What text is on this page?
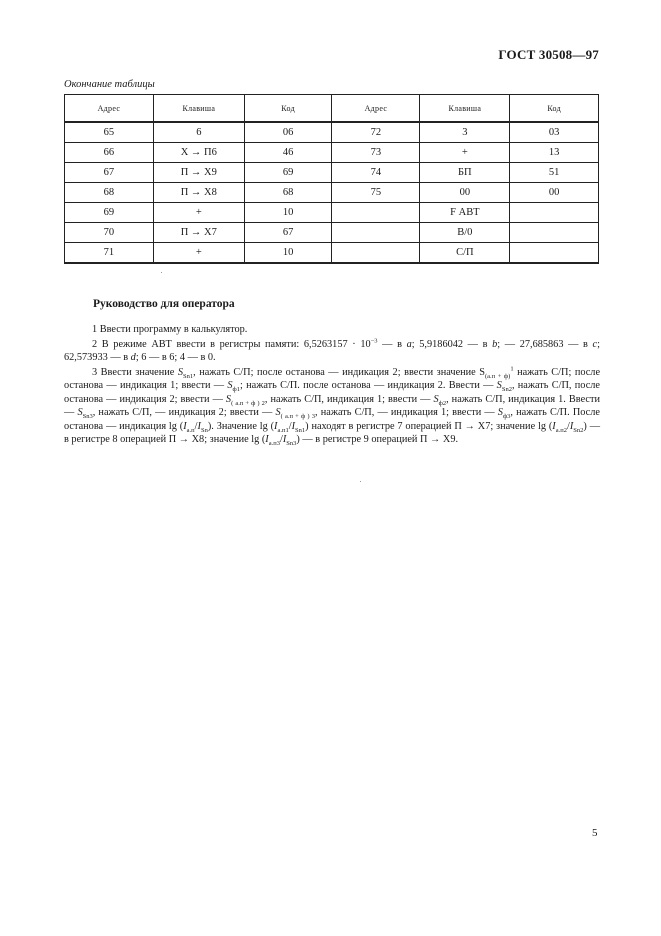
ГОСТ 30508—97
Окончание таблицы
Адрес	Клавиша	Код	Адрес	Клавиша	Код
65	6	06	72	3	03
66	X → П6	46	73	+	13
67	П → X9	69	74	БП	51
68	П → X8	68	75	00	00
69	+	10		F АВТ	
70	П → X7	67		В/0	
71	+	10		С/П	
Руководство для оператора

1 Ввести программу в калькулятор.

2 В режиме АВТ ввести в регистры памяти: $6,5263157 \cdot 10^{-3}$ — в a; 5,9186042 — в b; — 27,685863 — в c; 62,573933 — в d; 6 — в 6; 4 — в 0.

3 Ввести значение $S_{Sn1}$, нажать С/П; после останова — индикация 2; ввести значение $S_{(a.п + ф)}^1$ нажать С/П; после останова — индикация 1; ввести — $S_{ф1}$; нажать С/П. после останова — индикация 2. Ввести — $S_{Sn2}$, нажать С/П, после останова — индикация 2; ввести — $S_{( a.п + ф ) 2}$, нажать С/П, индикация 1; ввести — $S_{ф2}$, нажать С/П, индикация 1. Ввести — $S_{Sn3}$, нажать С/П, — индикация 2; ввести — $S_{( a.п + ф ) 3}$, нажать С/П, — индикация 1; ввести — $S_{ф3}$, нажать С/П. После останова — индикация $\lg (I_{a.п}/I_{Sn})$. Значение $\lg (I_{a.п1}/I_{Sn1})$ находят в регистре 7 операцией П → X7; значение $\lg (I_{a.п2}/I_{Sn2})$ — в регистре 8 операцией П → X8; значение $\lg (I_{a.п3}/I_{Sn3})$ — в регистре 9 операцией П → X9.

5
